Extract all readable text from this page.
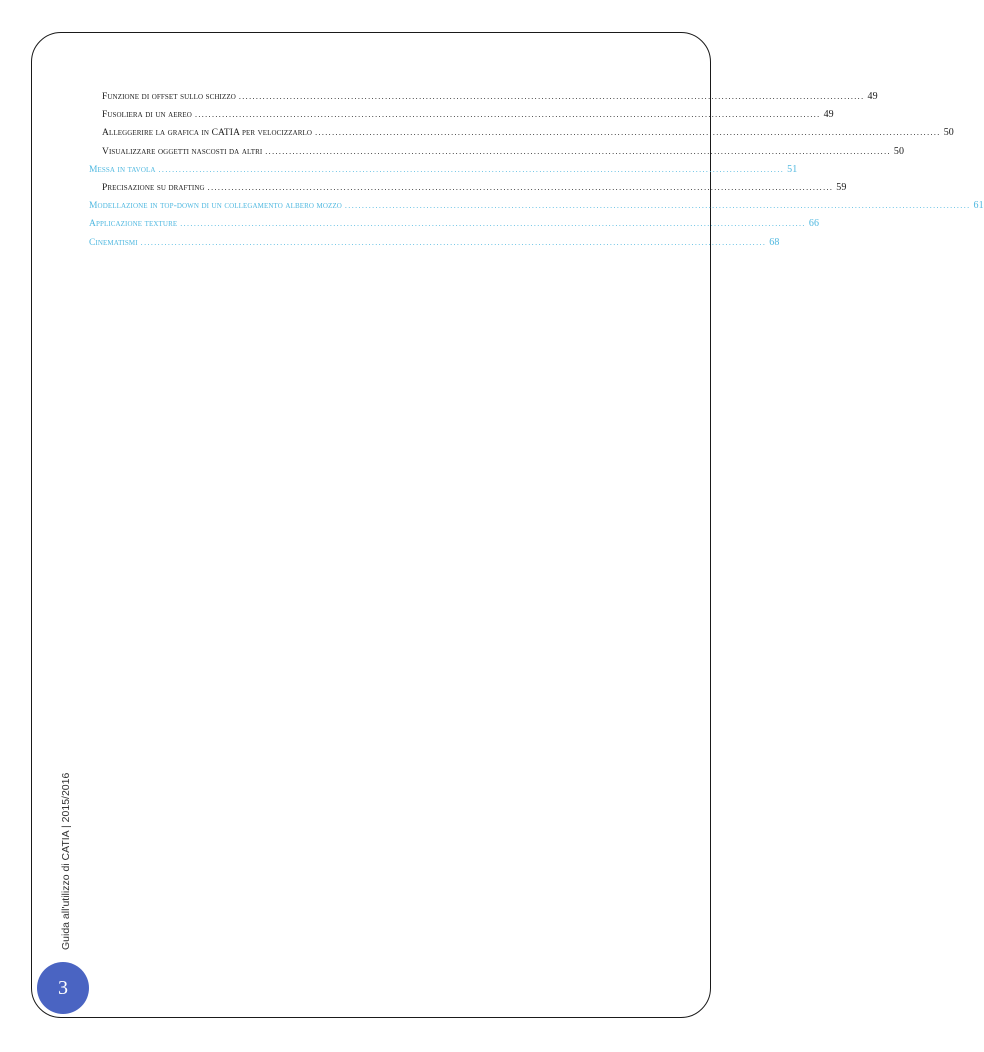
Funzione di offset sullo schizzo ........................................................................................................................................................................................ 49
Fusoliera di un aereo ........................................................................................................................................................................................ 49
Alleggerire la grafica in CATIA per velocizzarlo ........................................................................................................................................................................................ 50
Visualizzare oggetti nascosti da altri ........................................................................................................................................................................................ 50
Messa in tavola ........................................................................................................................................................................................ 51
Precisazione su drafting ........................................................................................................................................................................................ 59
Modellazione in top-down di un collegamento albero mozzo ........................................................................................................................................................................................ 61
Applicazione texture ........................................................................................................................................................................................ 66
Cinematismi ........................................................................................................................................................................................ 68
Guida all'utilizzo di CATIA | 2015/2016
3
